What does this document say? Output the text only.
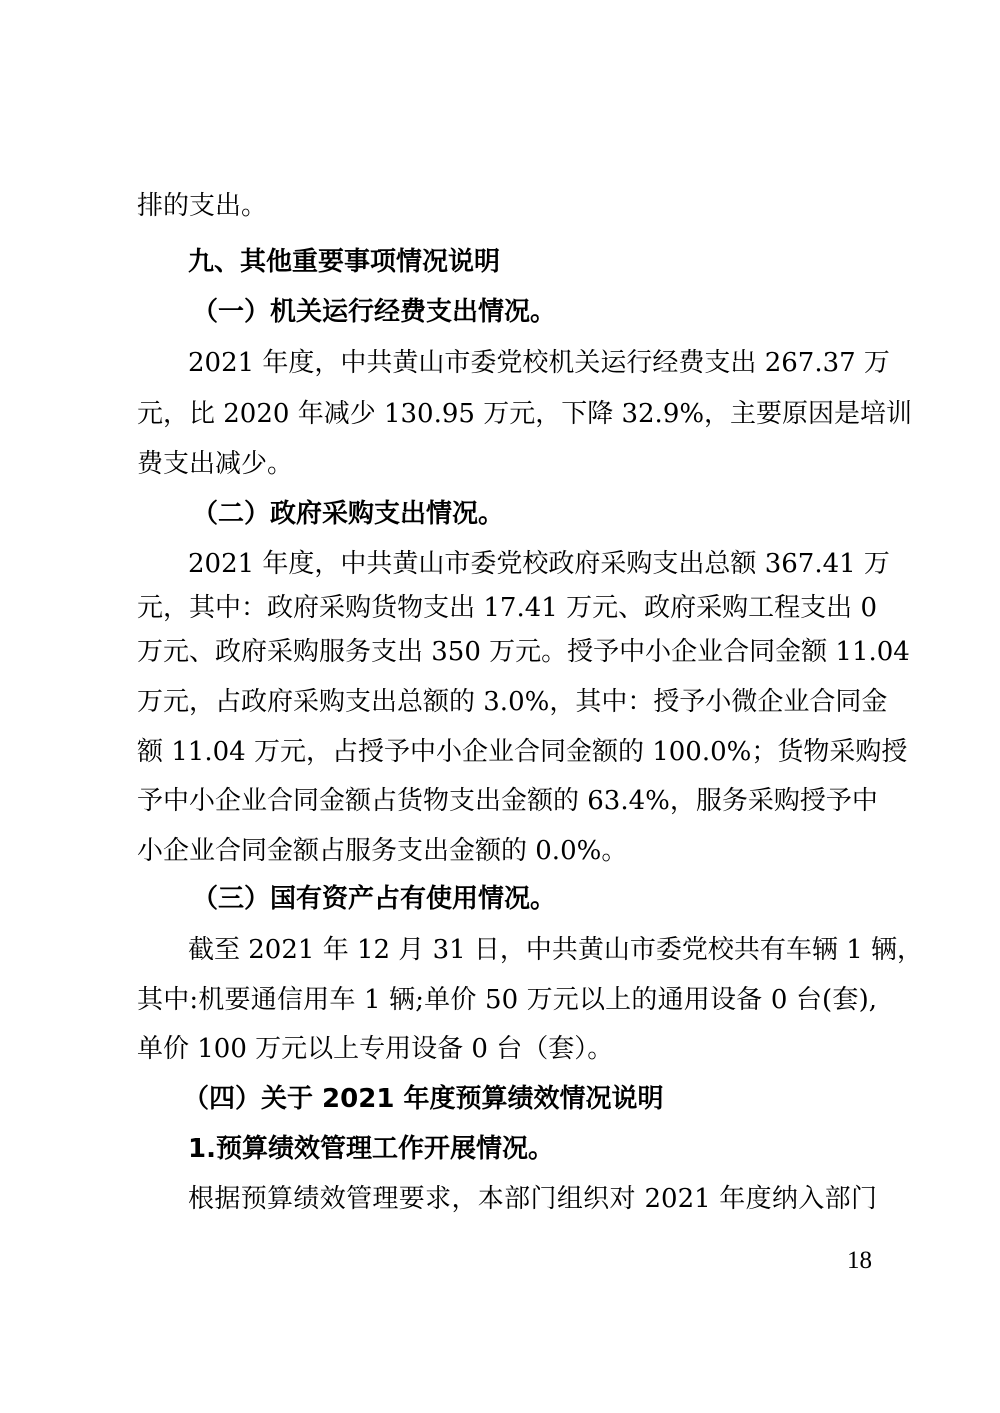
排的支出。
九、其他重要事项情况说明
（一）机关运行经费支出情况。
2021 年度，中共黄山市委党校机关运行经费支出 267.37 万
元，比 2020 年减少 130.95 万元，下降 32.9%，主要原因是培训
费支出减少。
（二）政府采购支出情况。
2021 年度，中共黄山市委党校政府采购支出总额 367.41 万
元，其中：政府采购货物支出 17.41 万元、政府采购工程支出 0
万元、政府采购服务支出 350 万元。授予中小企业合同金额 11.04
万元，占政府采购支出总额的 3.0%，其中：授予小微企业合同金
额 11.04 万元，占授予中小企业合同金额的 100.0%；货物采购授
予中小企业合同金额占货物支出金额的 63.4%，服务采购授予中
小企业合同金额占服务支出金额的 0.0%。
（三）国有资产占有使用情况。
截至 2021 年 12 月 31 日，中共黄山市委党校共有车辆 1 辆，
其中:机要通信用车 1 辆;单价 50 万元以上的通用设备 0 台(套),
单价 100 万元以上专用设备 0 台（套）。
（四）关于 2021 年度预算绩效情况说明
1.预算绩效管理工作开展情况。
根据预算绩效管理要求，本部门组织对 2021 年度纳入部门
18
